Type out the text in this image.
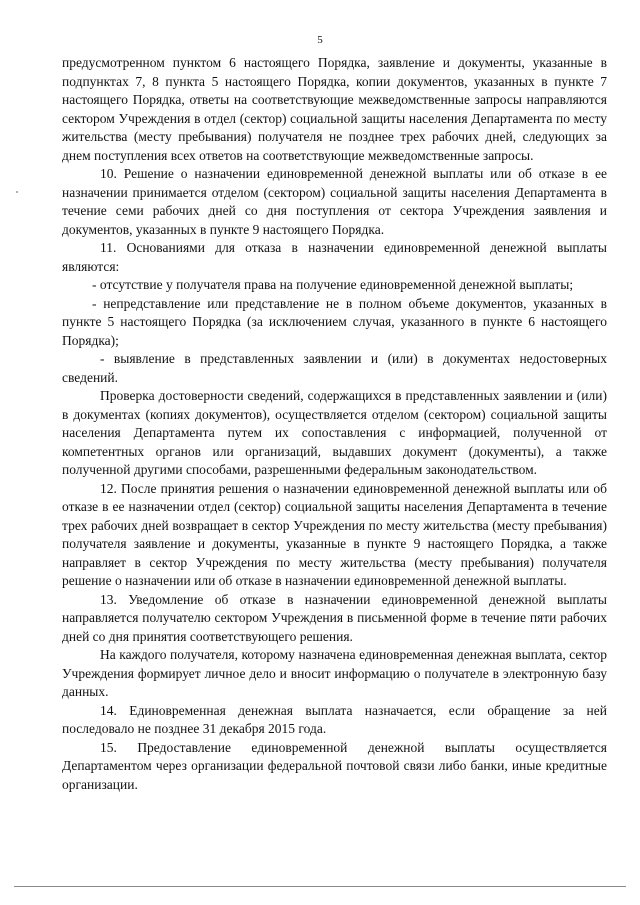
5

предусмотренном пунктом 6 настоящего Порядка, заявление и документы, указанные в подпунктах 7, 8 пункта 5 настоящего Порядка, копии документов, указанных в пункте 7 настоящего Порядка, ответы на соответствующие межведомственные запросы направляются сектором Учреждения в отдел (сектор) социальной защиты населения Департамента по месту жительства (месту пребывания) получателя не позднее трех рабочих дней, следующих за днем поступления всех ответов на соответствующие межведомственные запросы.

10. Решение о назначении единовременной денежной выплаты или об отказе в ее назначении принимается отделом (сектором) социальной защиты населения Департамента в течение семи рабочих дней со дня поступления от сектора Учреждения заявления и документов, указанных в пункте 9 настоящего Порядка.

11. Основаниями для отказа в назначении единовременной денежной выплаты являются:

- отсутствие у получателя права на получение единовременной денежной выплаты;

- непредставление или представление не в полном объеме документов, указанных в пункте 5 настоящего Порядка (за исключением случая, указанного в пункте 6 настоящего Порядка);

- выявление в представленных заявлении и (или) в документах недостоверных сведений.

Проверка достоверности сведений, содержащихся в представленных заявлении и (или) в документах (копиях документов), осуществляется отделом (сектором) социальной защиты населения Департамента путем их сопоставления с информацией, полученной от компетентных органов или организаций, выдавших документ (документы), а также полученной другими способами, разрешенными федеральным законодательством.

12. После принятия решения о назначении единовременной денежной выплаты или об отказе в ее назначении отдел (сектор) социальной защиты населения Департамента в течение трех рабочих дней возвращает в сектор Учреждения по месту жительства (месту пребывания) получателя заявление и документы, указанные в пункте 9 настоящего Порядка, а также направляет в сектор Учреждения по месту жительства (месту пребывания) получателя решение о назначении или об отказе в назначении единовременной денежной выплаты.

13. Уведомление об отказе в назначении единовременной денежной выплаты направляется получателю сектором Учреждения в письменной форме в течение пяти рабочих дней со дня принятия соответствующего решения.

На каждого получателя, которому назначена единовременная денежная выплата, сектор Учреждения формирует личное дело и вносит информацию о получателе в электронную базу данных.

14. Единовременная денежная выплата назначается, если обращение за ней последовало не позднее 31 декабря 2015 года.

15. Предоставление единовременной денежной выплаты осуществляется Департаментом через организации федеральной почтовой связи либо банки, иные кредитные организации.
